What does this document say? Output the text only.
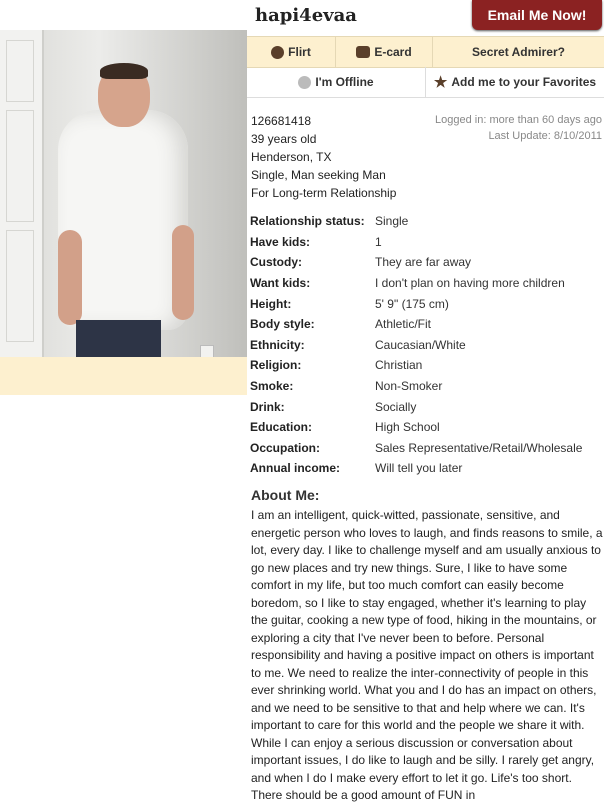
hapi4evaa	Email Me Now!
Flirt	E-card	Secret Admirer?
I'm Offline	★ Add me to your Favorites
126681418
39 years old
Henderson, TX
Single, Man seeking Man
For Long-term Relationship
Logged in: more than 60 days ago
Last Update: 8/10/2011
Relationship status: Single
Have kids:	1
Custody:	They are far away
Want kids:	I don't plan on having more children
Height:	5' 9" (175 cm)
Body style:	Athletic/Fit
Ethnicity:	Caucasian/White
Religion:	Christian
Smoke:	Non-Smoker
Drink:	Socially
Education:	High School
Occupation:	Sales Representative/Retail/Wholesale
Annual income:	Will tell you later
About Me:
I am an intelligent, quick-witted, passionate, sensitive, and energetic person who loves to laugh, and finds reasons to smile, a lot, every day. I like to challenge myself and am usually anxious to go new places and try new things. Sure, I like to have some comfort in my life, but too much comfort can easily become boredom, so I like to stay engaged, whether it's learning to play the guitar, cooking a new type of food, hiking in the mountains, or exploring a city that I've never been to before. Personal responsibility and having a positive impact on others is important to me. We need to realize the inter-connectivity of people in this ever shrinking world. What you and I do has an impact on others, and we need to be sensitive to that and help where we can. It's important to care for this world and the people we share it with. While I can enjoy a serious discussion or conversation about important issues, I do like to laugh and be silly. I rarely get angry, and when I do I make every effort to let it go. Life's too short. There should be a good amount of FUN in
